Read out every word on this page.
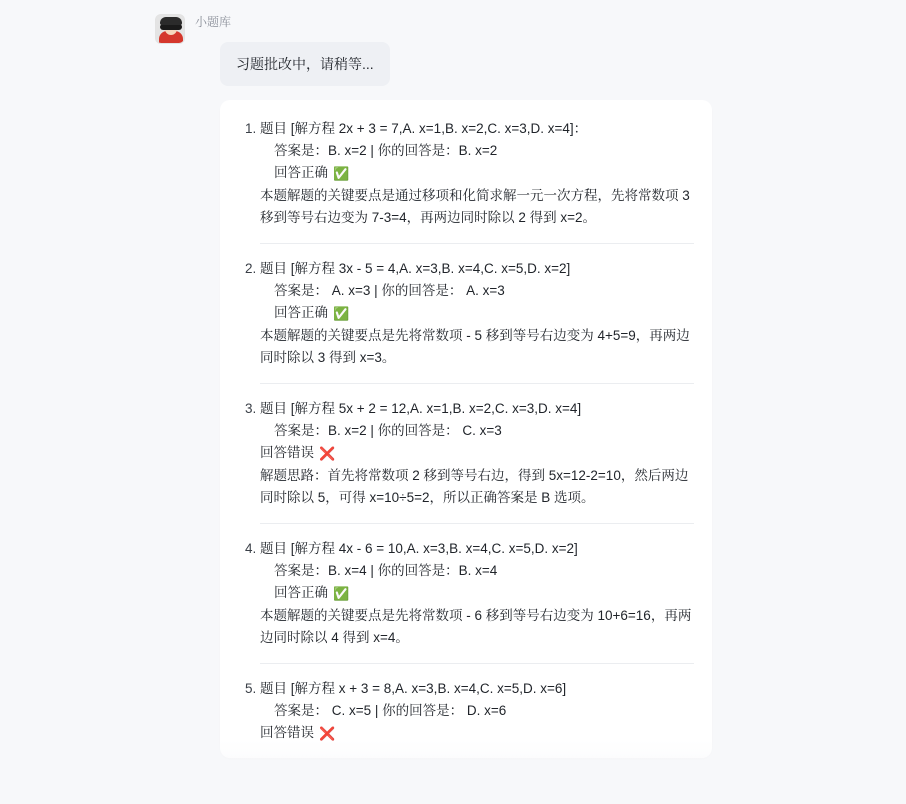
小题库
习题批改中，请稍等...
1. 题目 [解方程 2x + 3 = 7,A. x=1,B. x=2,C. x=3,D. x=4]：
答案是：B. x=2 | 你的回答是：B. x=2
回答正确 ✅
本题解题的关键要点是通过移项和化简求解一元一次方程，先将常数项 3 移到等号右边变为 7-3=4，再两边同时除以 2 得到 x=2。
2. 题目 [解方程 3x - 5 = 4,A. x=3,B. x=4,C. x=5,D. x=2]
答案是： A. x=3 | 你的回答是： A. x=3
回答正确 ✅
本题解题的关键要点是先将常数项 - 5 移到等号右边变为 4+5=9，再两边同时除以 3 得到 x=3。
3. 题目 [解方程 5x + 2 = 12,A. x=1,B. x=2,C. x=3,D. x=4]
答案是：B. x=2 | 你的回答是： C. x=3
回答错误 ❌
解题思路：首先将常数项 2 移到等号右边，得到 5x=12-2=10，然后两边同时除以 5，可得 x=10÷5=2，所以正确答案是 B 选项。
4. 题目 [解方程 4x - 6 = 10,A. x=3,B. x=4,C. x=5,D. x=2]
答案是：B. x=4 | 你的回答是：B. x=4
回答正确 ✅
本题解题的关键要点是先将常数项 - 6 移到等号右边变为 10+6=16，再两边同时除以 4 得到 x=4。
5. 题目 [解方程 x + 3 = 8,A. x=3,B. x=4,C. x=5,D. x=6]
答案是： C. x=5 | 你的回答是： D. x=6
回答错误 ❌
